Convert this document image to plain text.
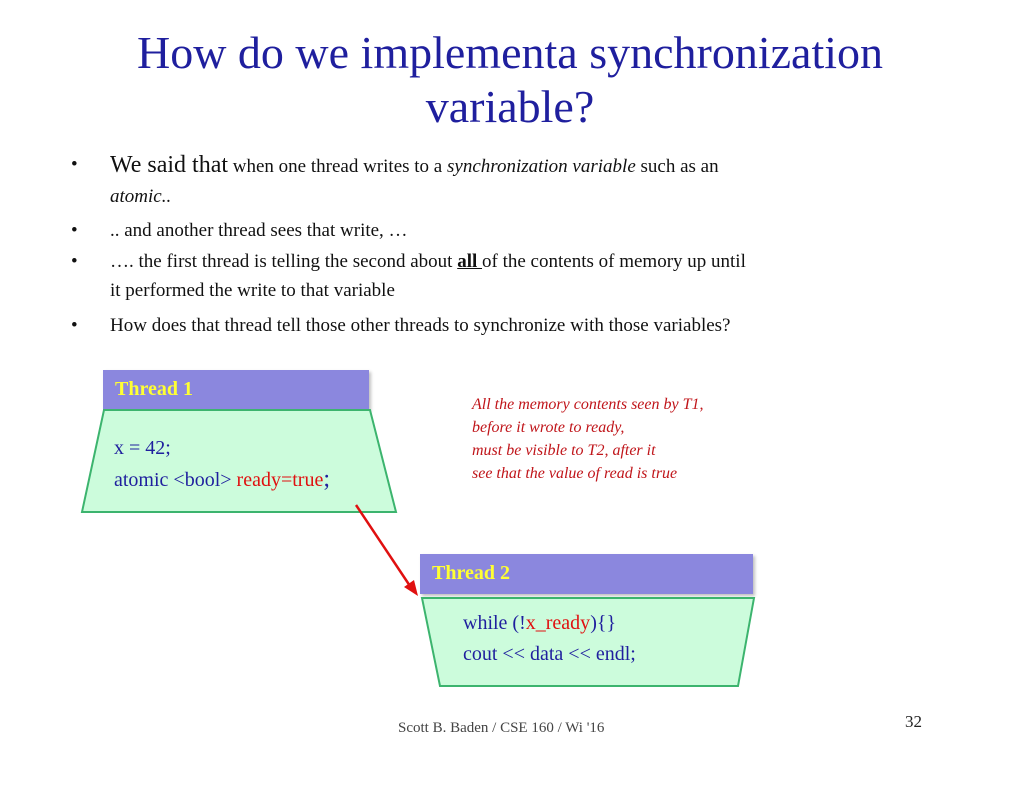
How do we implementa synchronization
variable?
• We said that when one thread writes to a synchronization variable such as an
atomic..
• .. and another thread sees that write, …
• …. the first thread is telling the second about all of the contents of memory up until
it performed the write to that variable
• How does that thread tell those other threads to synchronize with those variables?
Thread 1
x = 42;
atomic <bool> ready=true;
All the memory contents seen by T1,
before it wrote to ready,
must be visible to T2, after it
see that the value of read is true
Thread 2
while (!x_ready){}
cout << data << endl;
Scott B. Baden / CSE 160 / Wi '16	32
